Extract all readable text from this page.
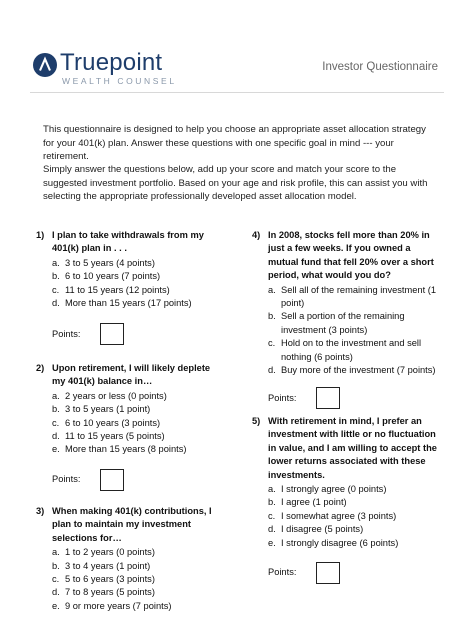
Truepoint
WEALTH COUNSEL
Investor Questionnaire

This questionnaire is designed to help you choose an appropriate asset allocation strategy for your 401(k) plan. Answer these questions with one specific goal in mind --- your retirement.

Simply answer the questions below, add up your score and match your score to the suggested investment portfolio. Based on your age and risk profile, this can assist you with selecting the appropriate professionally developed asset allocation model.

1) I plan to take withdrawals from my 401(k) plan in . . .
a. 3 to 5 years (4 points)
b. 6 to 10 years (7 points)
c. 11 to 15 years (12 points)
d. More than 15 years (17 points)
Points:
2) Upon retirement, I will likely deplete my 401(k) balance in…
a. 2 years or less (0 points)
b. 3 to 5 years (1 point)
c. 6 to 10 years (3 points)
d. 11 to 15 years (5 points)
e. More than 15 years (8 points)
Points:
3) When making 401(k) contributions, I plan to maintain my investment selections for…
a. 1 to 2 years (0 points)
b. 3 to 4 years (1 point)
c. 5 to 6 years (3 points)
d. 7 to 8 years (5 points)
e. 9 or more years (7 points)
4) In 2008, stocks fell more than 20% in just a few weeks. If you owned a mutual fund that fell 20% over a short period, what would you do?
a. Sell all of the remaining investment (1 point)
b. Sell a portion of the remaining investment (3 points)
c. Hold on to the investment and sell nothing (6 points)
d. Buy more of the investment (7 points)
Points:
5) With retirement in mind, I prefer an investment with little or no fluctuation in value, and I am willing to accept the lower returns associated with these investments.
a. I strongly agree (0 points)
b. I agree (1 point)
c. I somewhat agree (3 points)
d. I disagree (5 points)
e. I strongly disagree (6 points)
Points:
